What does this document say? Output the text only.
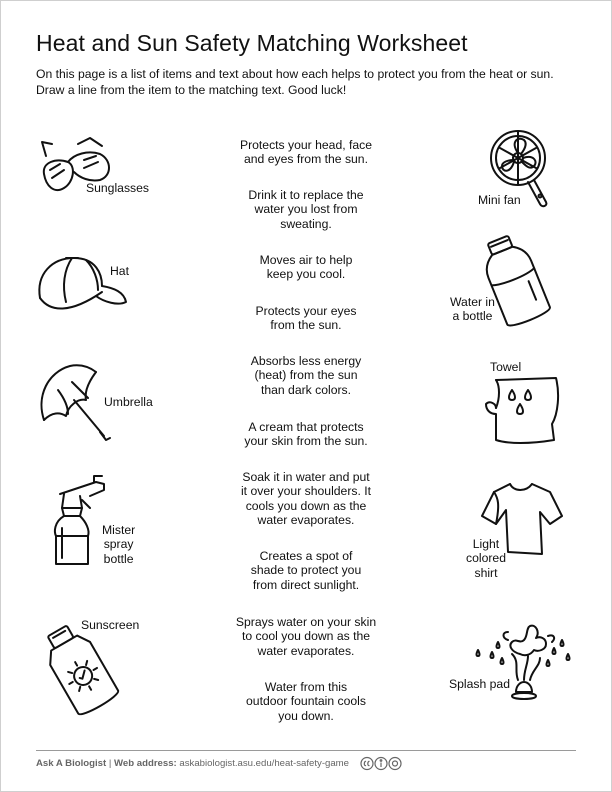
Heat and Sun Safety Matching Worksheet
On this page is a list of items and text about how each helps to protect you from the heat or sun. Draw a line from the item to the matching text. Good luck!
Sunglasses
Hat
Umbrella
Mister
spray
bottle
Sunscreen
Protects your head, face
and eyes from the sun.
Drink it to replace the
water you lost from
sweating.
Moves air to help
keep you cool.
Protects your eyes
from the sun.
Absorbs less energy
(heat) from the sun
than dark colors.
A cream that protects
your skin from the sun.
Soak it in water and put
it over your shoulders. It
cools you down as the
water evaporates.
Creates a spot of
shade to protect you
from direct sunlight.
Sprays water on your skin
to cool you down as the
water evaporates.
Water from this
outdoor fountain cools
you down.
Mini fan
Water in
a bottle
Towel
Light
colored
shirt
Splash pad
Ask A Biologist | Web address: askabiologist.asu.edu/heat-safety-game
